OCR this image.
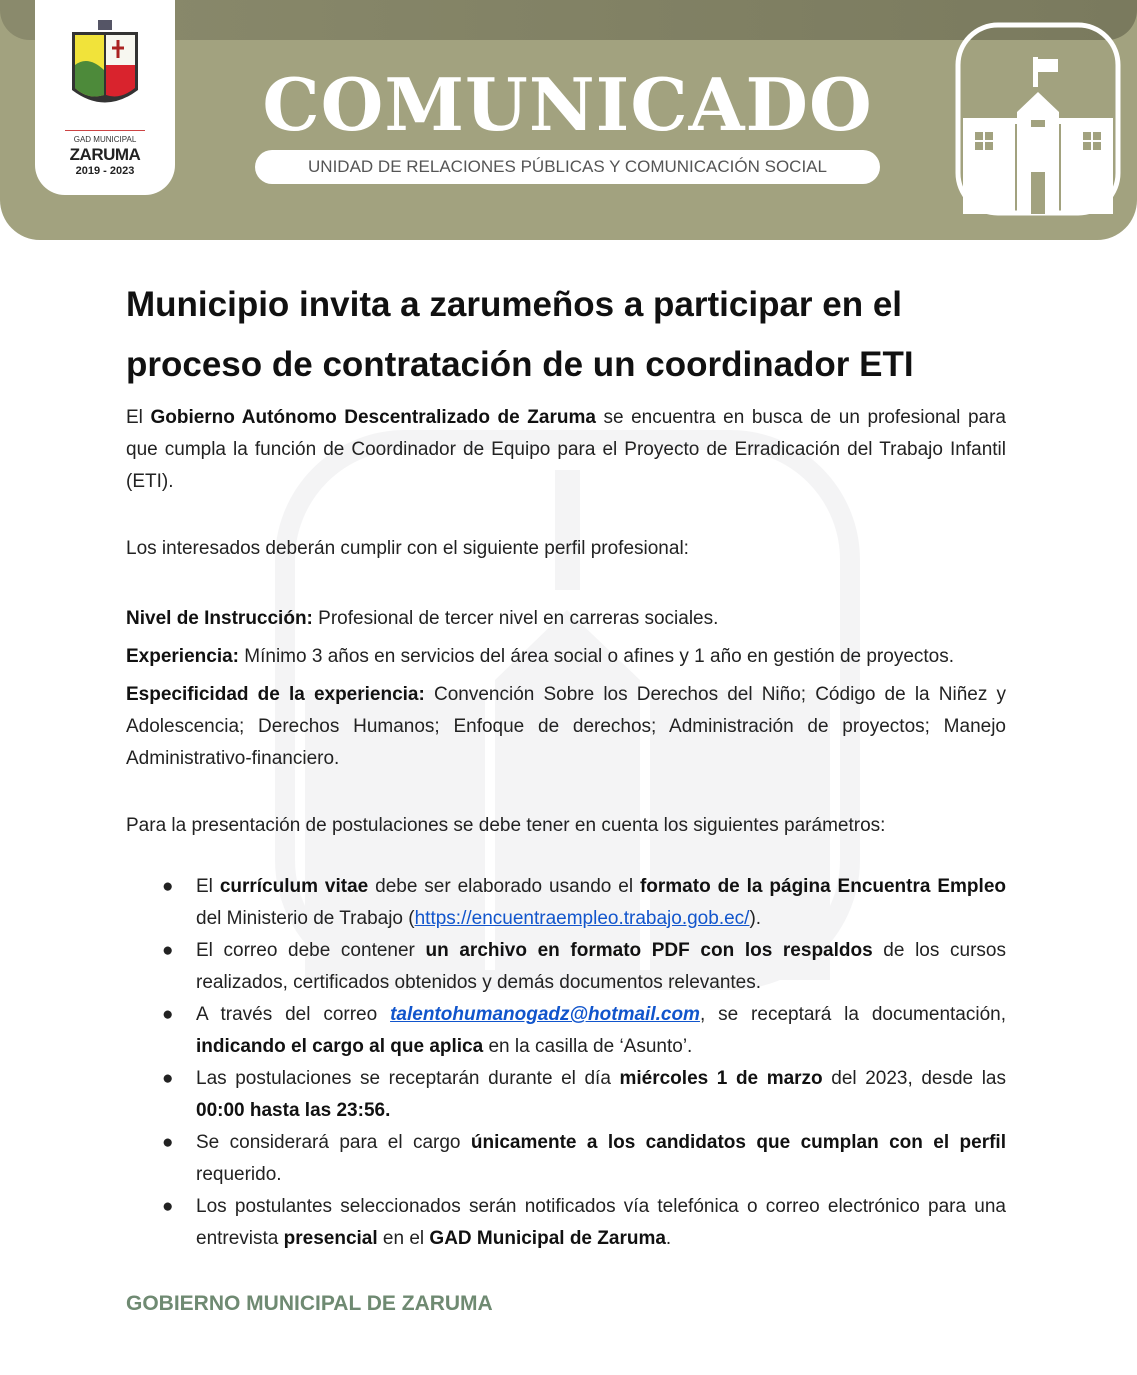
GAD MUNICIPAL
ZARUMA
2019 - 2023
COMUNICADO
UNIDAD DE RELACIONES PÚBLICAS Y COMUNICACIÓN SOCIAL
Municipio invita a zarumeños a participar en el proceso de contratación de un coordinador ETI

El Gobierno Autónomo Descentralizado de Zaruma se encuentra en busca de un profesional para que cumpla la función de Coordinador de Equipo para el Proyecto de Erradicación del Trabajo Infantil (ETI).

Los interesados deberán cumplir con el siguiente perfil profesional:

Nivel de Instrucción: Profesional de tercer nivel en carreras sociales.

Experiencia: Mínimo 3 años en servicios del área social o afines y 1 año en gestión de proyectos.

Especificidad de la experiencia: Convención Sobre los Derechos del Niño; Código de la Niñez y Adolescencia; Derechos Humanos; Enfoque de derechos; Administración de proyectos; Manejo Administrativo-financiero.

Para la presentación de postulaciones se debe tener en cuenta los siguientes parámetros:

● El currículum vitae debe ser elaborado usando el formato de la página Encuentra Empleo del Ministerio de Trabajo (https://encuentraempleo.trabajo.gob.ec/).
● El correo debe contener un archivo en formato PDF con los respaldos de los cursos realizados, certificados obtenidos y demás documentos relevantes.
● A través del correo talentohumanogadz@hotmail.com, se receptará la documentación, indicando el cargo al que aplica en la casilla de ‘Asunto’.
● Las postulaciones se receptarán durante el día miércoles 1 de marzo del 2023, desde las 00:00 hasta las 23:56.
● Se considerará para el cargo únicamente a los candidatos que cumplan con el perfil requerido.
● Los postulantes seleccionados serán notificados vía telefónica o correo electrónico para una entrevista presencial en el GAD Municipal de Zaruma.
GOBIERNO MUNICIPAL DE ZARUMA
